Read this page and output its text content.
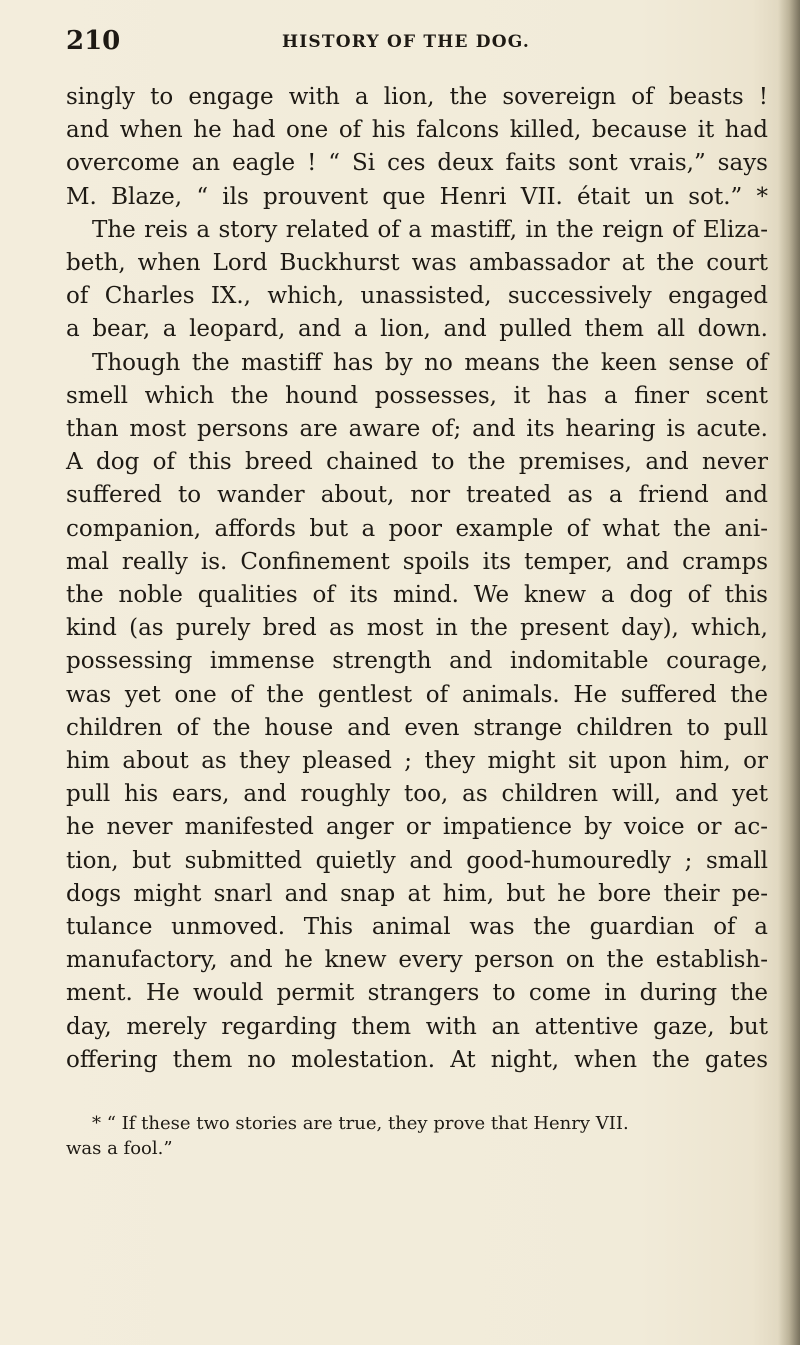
210	HISTORY OF THE DOG.
singly to engage with a lion, the sovereign of beasts !
and when he had one of his falcons killed, because it had
overcome an eagle ! “ Si ces deux faits sont vrais,” says
M. Blaze, “ ils prouvent que Henri VII. était un sot.” *
The reis a story related of a mastiff, in the reign of Eliza-
beth, when Lord Buckhurst was ambassador at the court
of Charles IX., which, unassisted, successively engaged
a bear, a leopard, and a lion, and pulled them all down.
Though the mastiff has by no means the keen sense of
smell which the hound possesses, it has a finer scent
than most persons are aware of; and its hearing is acute.
A dog of this breed chained to the premises, and never
suffered to wander about, nor treated as a friend and
companion, affords but a poor example of what the ani-
mal really is. Confinement spoils its temper, and cramps
the noble qualities of its mind. We knew a dog of this
kind (as purely bred as most in the present day), which,
possessing immense strength and indomitable courage,
was yet one of the gentlest of animals. He suffered the
children of the house and even strange children to pull
him about as they pleased ; they might sit upon him, or
pull his ears, and roughly too, as children will, and yet
he never manifested anger or impatience by voice or ac-
tion, but submitted quietly and good-humouredly ; small
dogs might snarl and snap at him, but he bore their pe-
tulance unmoved. This animal was the guardian of a
manufactory, and he knew every person on the establish-
ment. He would permit strangers to come in during the
day, merely regarding them with an attentive gaze, but
offering them no molestation. At night, when the gates
* “ If these two stories are true, they prove that Henry VII.
was a fool.”
